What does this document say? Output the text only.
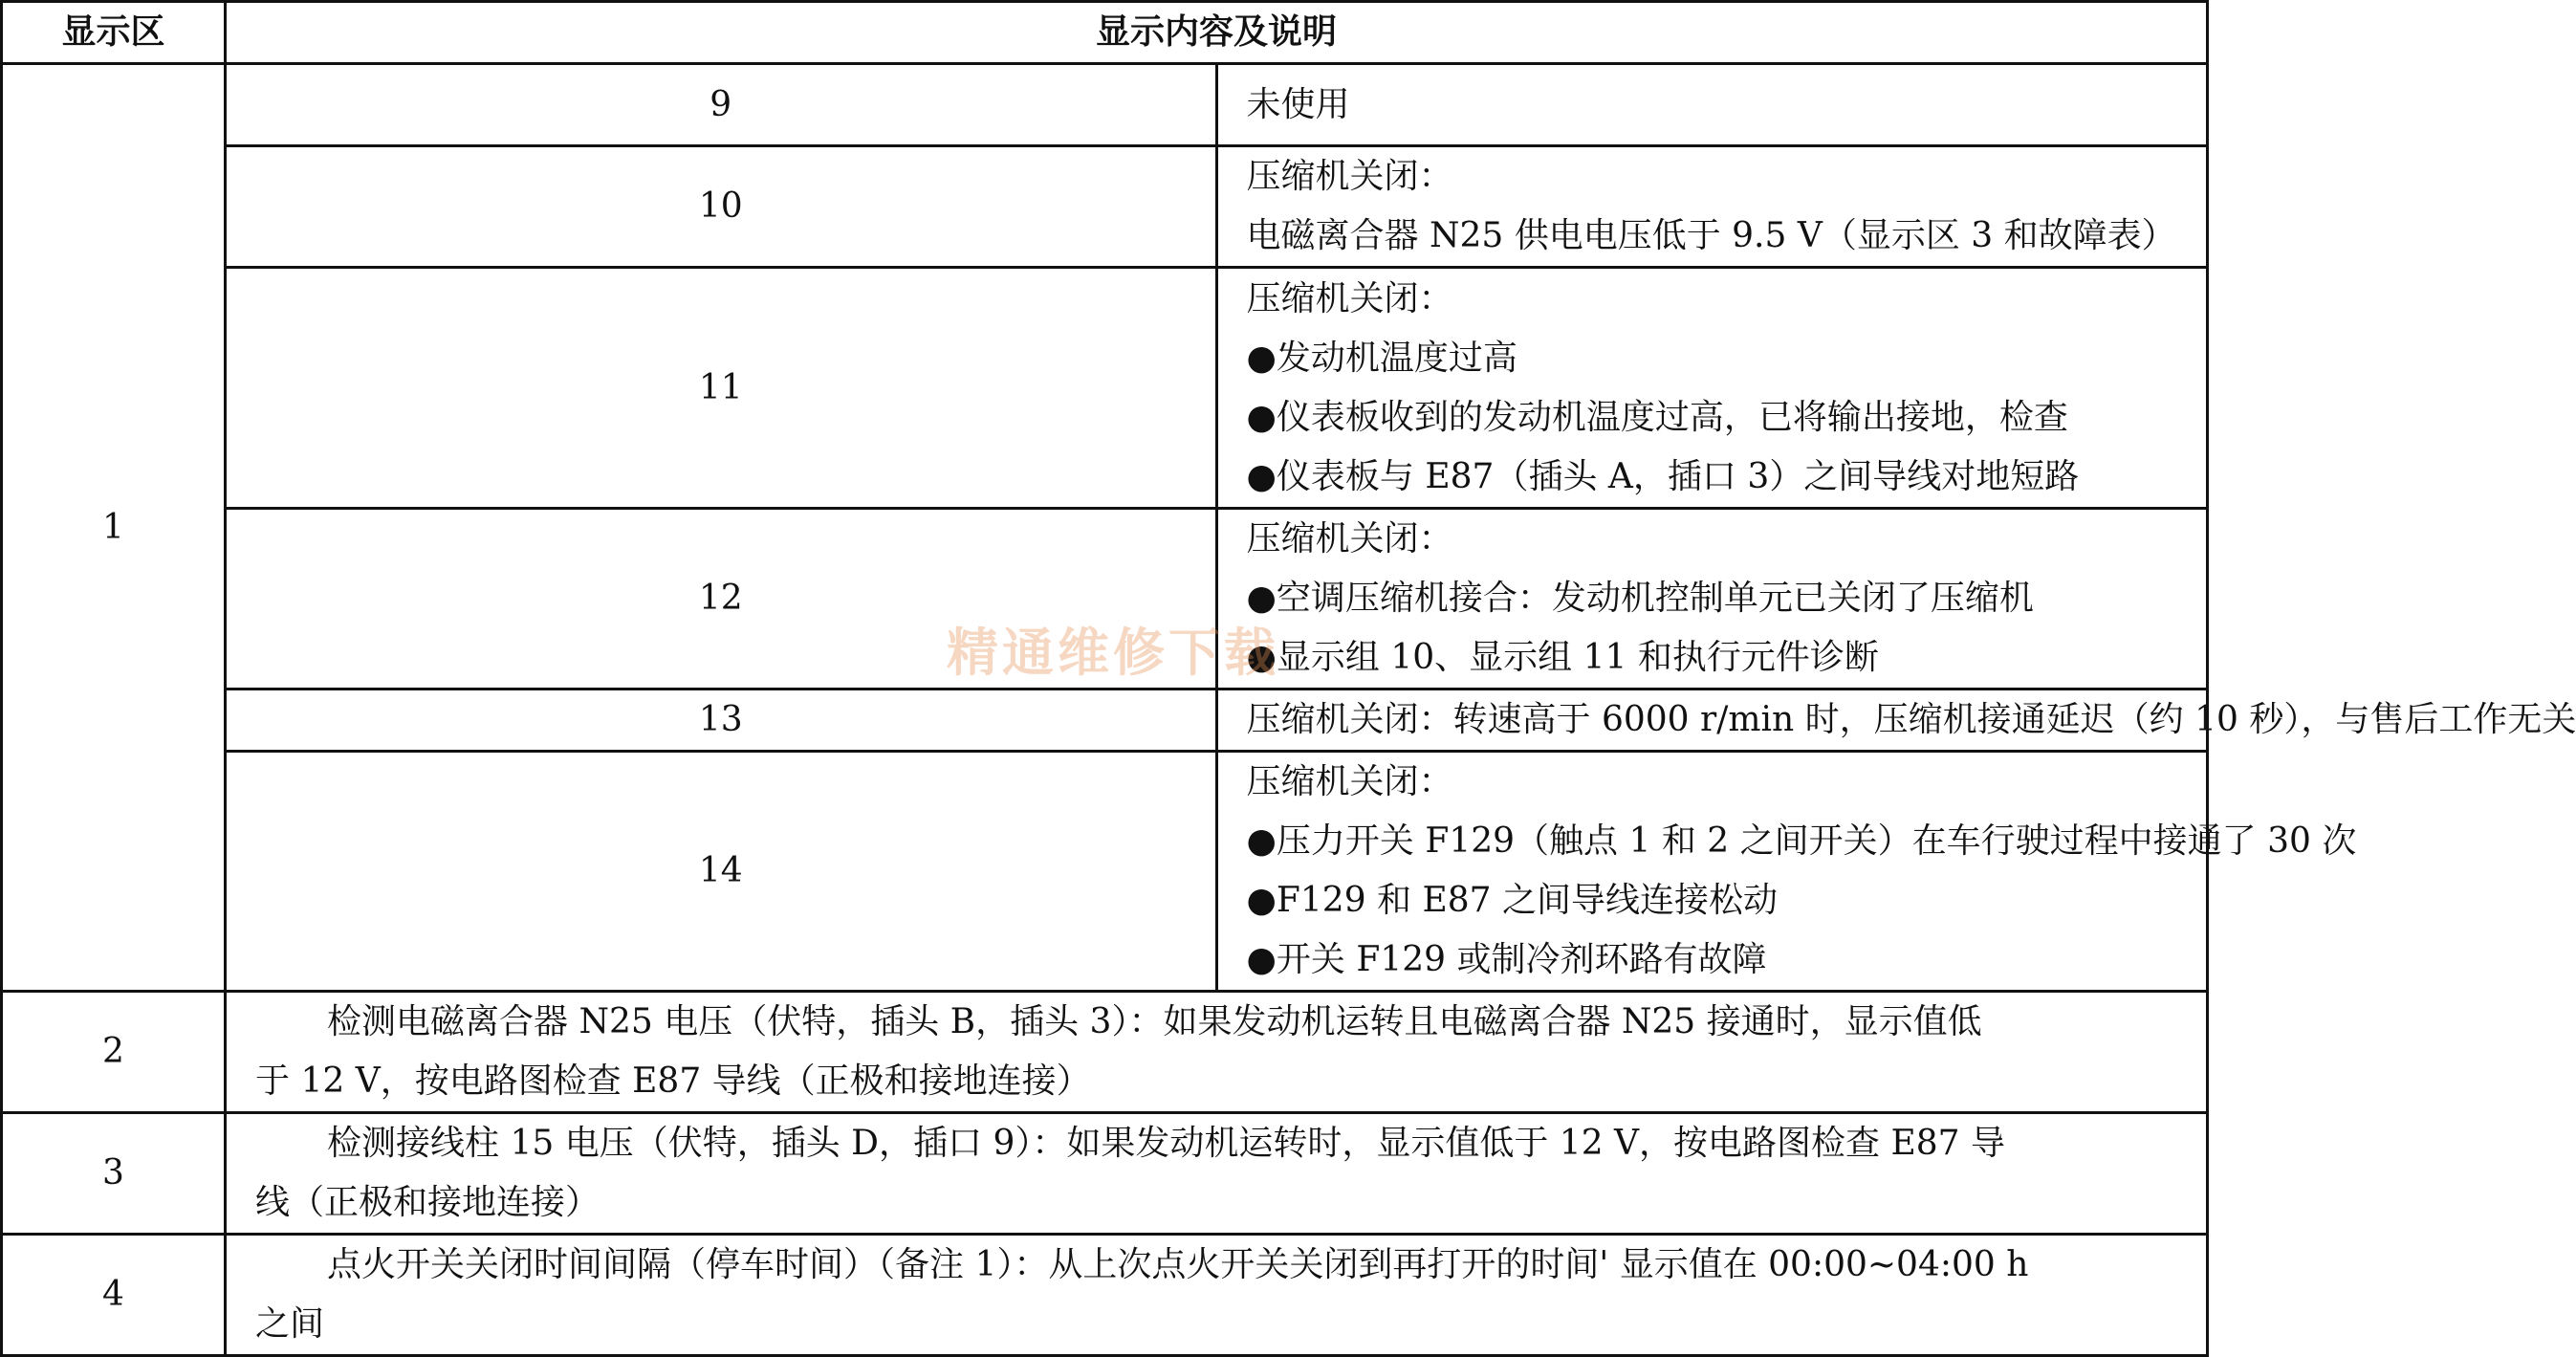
显示区	显示内容及说明	
1	9	未使用

	10	压缩机关闭：
电磁离合器 N25 供电电压低于 9.5 V（显示区 3 和故障表）

	11	压缩机关闭：
●发动机温度过高
●仪表板收到的发动机温度过高，已将输出接地，检查
●仪表板与 E87（插头 A，插口 3）之间导线对地短路

	12	压缩机关闭：
●空调压缩机接合：发动机控制单元已关闭了压缩机
●显示组 10、显示组 11 和执行元件诊断

	13	压缩机关闭：转速高于 6000 r/min 时，压缩机接通延迟（约 10 秒），与售后工作无关

	14	压缩机关闭：
●压力开关 F129（触点 1 和 2 之间开关）在车行驶过程中接通了 30 次
●F129 和 E87 之间导线连接松动
●开关 F129 或制冷剂环路有故障

2	检测电磁离合器 N25 电压（伏特，插头 B，插头 3）：如果发动机运转且电磁离合器 N25 接通时，显示值低
于 12 V，按电路图检查 E87 导线（正极和接地连接）	

3	检测接线柱 15 电压（伏特，插头 D，插口 9）：如果发动机运转时，显示值低于 12 V，按电路图检查 E87 导
线（正极和接地连接）	

4	点火开关关闭时间间隔（停车时间）（备注 1）：从上次点火开关关闭到再打开的时间' 显示值在 00:00~04:00 h
之间	
精通维修下载
